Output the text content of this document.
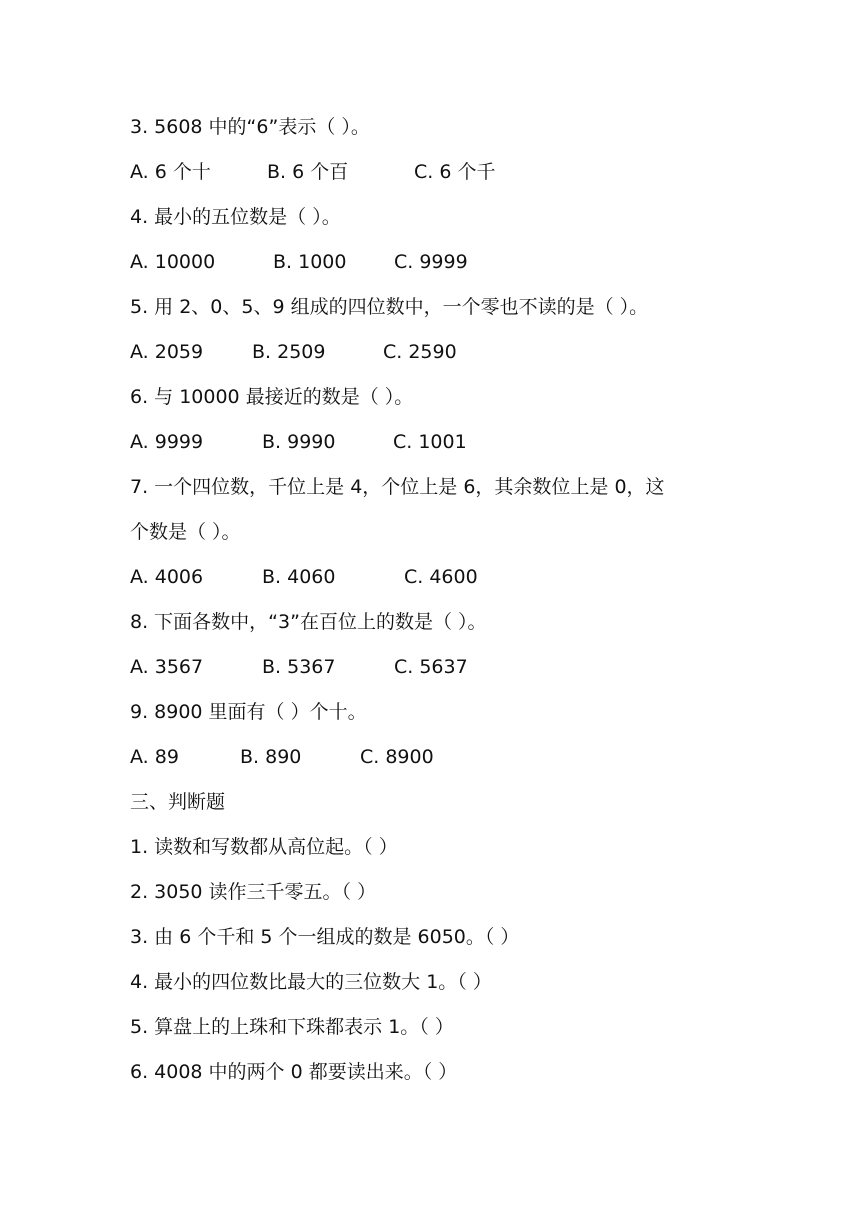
3. 5608 中的“6”表示（ ）。
A. 6 个十	B. 6 个百	C. 6 个千
4. 最小的五位数是（ ）。
A. 10000	B. 1000	C. 9999
5. 用 2、0、5、9 组成的四位数中，一个零也不读的是（ ）。
A. 2059	B. 2509	C. 2590
6. 与 10000 最接近的数是（ ）。
A. 9999	B. 9990	C. 1001
7. 一个四位数，千位上是 4，个位上是 6，其余数位上是 0，这
个数是（ ）。
A. 4006	B. 4060	C. 4600
8. 下面各数中，“3”在百位上的数是（ ）。
A. 3567	B. 5367	C. 5637
9. 8900 里面有（ ）个十。
A. 89	B. 890	C. 8900
三、判断题
1. 读数和写数都从高位起。（ ）
2. 3050 读作三千零五。（ ）
3. 由 6 个千和 5 个一组成的数是 6050。（ ）
4. 最小的四位数比最大的三位数大 1。（ ）
5. 算盘上的上珠和下珠都表示 1。（ ）
6. 4008 中的两个 0 都要读出来。（ ）
